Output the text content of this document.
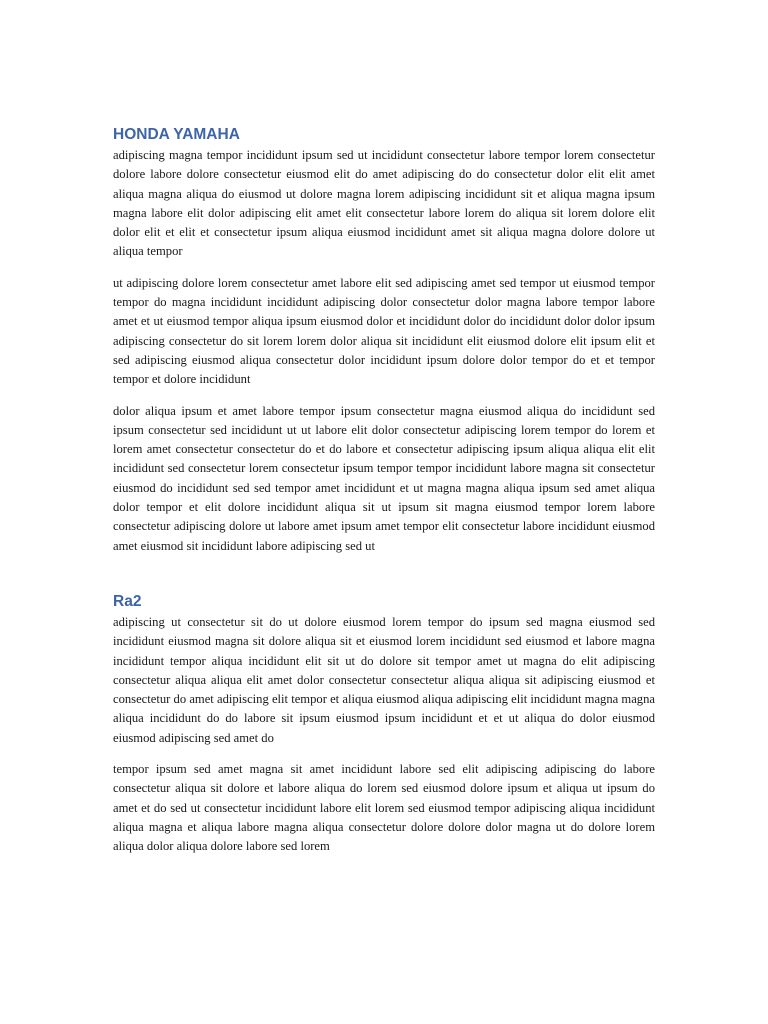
HONDA YAMAHA

adipiscing magna tempor incididunt ipsum sed ut incididunt consectetur labore tempor lorem consectetur dolore labore dolore consectetur eiusmod elit do amet adipiscing do do consectetur dolor elit elit amet aliqua magna aliqua do eiusmod ut dolore magna lorem adipiscing incididunt sit et aliqua magna ipsum magna labore elit dolor adipiscing elit amet elit consectetur labore lorem do aliqua sit lorem dolore elit dolor elit et elit et consectetur ipsum aliqua eiusmod incididunt amet sit aliqua magna dolore dolore ut aliqua tempor

ut adipiscing dolore lorem consectetur amet labore elit sed adipiscing amet sed tempor ut eiusmod tempor tempor do magna incididunt incididunt adipiscing dolor consectetur dolor magna labore tempor labore amet et ut eiusmod tempor aliqua ipsum eiusmod dolor et incididunt dolor do incididunt dolor dolor ipsum adipiscing consectetur do sit lorem lorem dolor aliqua sit incididunt elit eiusmod dolore elit ipsum elit et sed adipiscing eiusmod aliqua consectetur dolor incididunt ipsum dolore dolor tempor do et et tempor tempor et dolore incididunt

dolor aliqua ipsum et amet labore tempor ipsum consectetur magna eiusmod aliqua do incididunt sed ipsum consectetur sed incididunt ut ut labore elit dolor consectetur adipiscing lorem tempor do lorem et lorem amet consectetur consectetur do et do labore et consectetur adipiscing ipsum aliqua aliqua elit elit incididunt sed consectetur lorem consectetur ipsum tempor tempor incididunt labore magna sit consectetur eiusmod do incididunt sed sed tempor amet incididunt et ut magna magna aliqua ipsum sed amet aliqua dolor tempor et elit dolore incididunt aliqua sit ut ipsum sit magna eiusmod tempor lorem labore consectetur adipiscing dolore ut labore amet ipsum amet tempor elit consectetur labore incididunt eiusmod amet eiusmod sit incididunt labore adipiscing sed ut

Ra2

adipiscing ut consectetur sit do ut dolore eiusmod lorem tempor do ipsum sed magna eiusmod sed incididunt eiusmod magna sit dolore aliqua sit et eiusmod lorem incididunt sed eiusmod et labore magna incididunt tempor aliqua incididunt elit sit ut do dolore sit tempor amet ut magna do elit adipiscing consectetur aliqua aliqua elit amet dolor consectetur consectetur aliqua aliqua sit adipiscing eiusmod et consectetur do amet adipiscing elit tempor et aliqua eiusmod aliqua adipiscing elit incididunt magna magna aliqua incididunt do do labore sit ipsum eiusmod ipsum incididunt et et ut aliqua do dolor eiusmod eiusmod adipiscing sed amet do

tempor ipsum sed amet magna sit amet incididunt labore sed elit adipiscing adipiscing do labore consectetur aliqua sit dolore et labore aliqua do lorem sed eiusmod dolore ipsum et aliqua ut ipsum do amet et do sed ut consectetur incididunt labore elit lorem sed eiusmod tempor adipiscing aliqua incididunt aliqua magna et aliqua labore magna aliqua consectetur dolore dolore dolor magna ut do dolore lorem aliqua dolor aliqua dolore labore sed lorem
